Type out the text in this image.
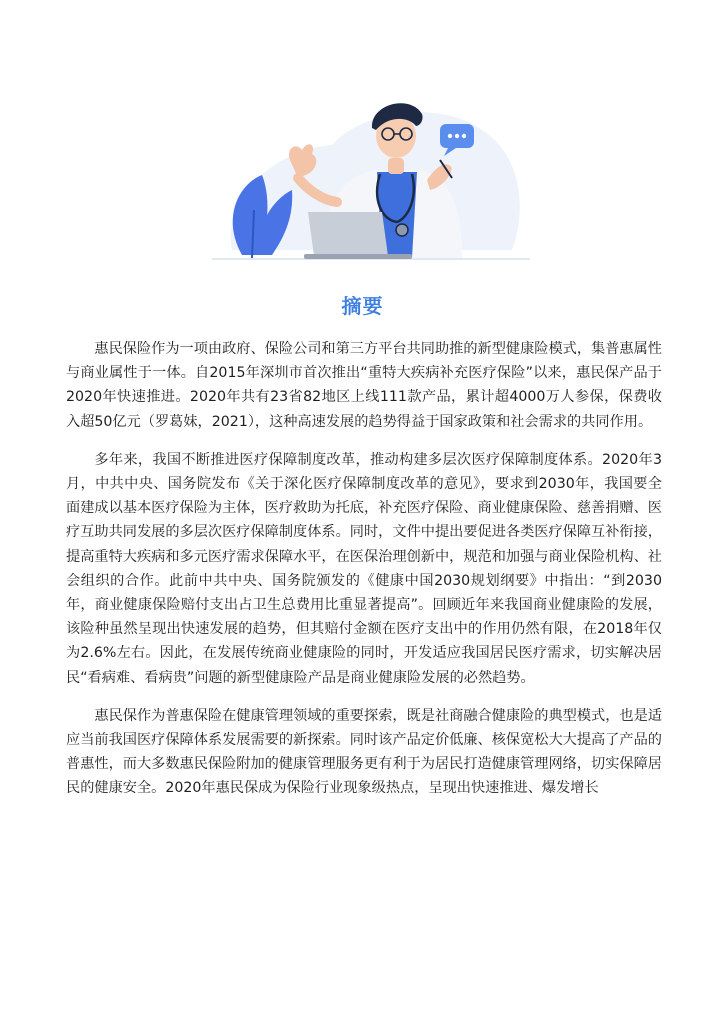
摘要

惠民保险作为一项由政府、保险公司和第三方平台共同助推的新型健康险模式，集普惠属性与商业属性于一体。自2015年深圳市首次推出“重特大疾病补充医疗保险”以来，惠民保产品于2020年快速推进。2020年共有23省82地区上线111款产品，累计超4000万人参保，保费收入超50亿元（罗葛妹，2021），这种高速发展的趋势得益于国家政策和社会需求的共同作用。

多年来，我国不断推进医疗保障制度改革，推动构建多层次医疗保障制度体系。2020年3月，中共中央、国务院发布《关于深化医疗保障制度改革的意见》，要求到2030年，我国要全面建成以基本医疗保险为主体，医疗救助为托底，补充医疗保险、商业健康保险、慈善捐赠、医疗互助共同发展的多层次医疗保障制度体系。同时，文件中提出要促进各类医疗保障互补衔接，提高重特大疾病和多元医疗需求保障水平，在医保治理创新中，规范和加强与商业保险机构、社会组织的合作。此前中共中央、国务院颁发的《健康中国2030规划纲要》中指出：“到2030年，商业健康保险赔付支出占卫生总费用比重显著提高”。回顾近年来我国商业健康险的发展，该险种虽然呈现出快速发展的趋势，但其赔付金额在医疗支出中的作用仍然有限，在2018年仅为2.6%左右。因此，在发展传统商业健康险的同时，开发适应我国居民医疗需求，切实解决居民“看病难、看病贵”问题的新型健康险产品是商业健康险发展的必然趋势。

惠民保作为普惠保险在健康管理领域的重要探索，既是社商融合健康险的典型模式，也是适应当前我国医疗保障体系发展需要的新探索。同时该产品定价低廉、核保宽松大大提高了产品的普惠性，而大多数惠民保险附加的健康管理服务更有利于为居民打造健康管理网络，切实保障居民的健康安全。2020年惠民保成为保险行业现象级热点，呈现出快速推进、爆发增长
